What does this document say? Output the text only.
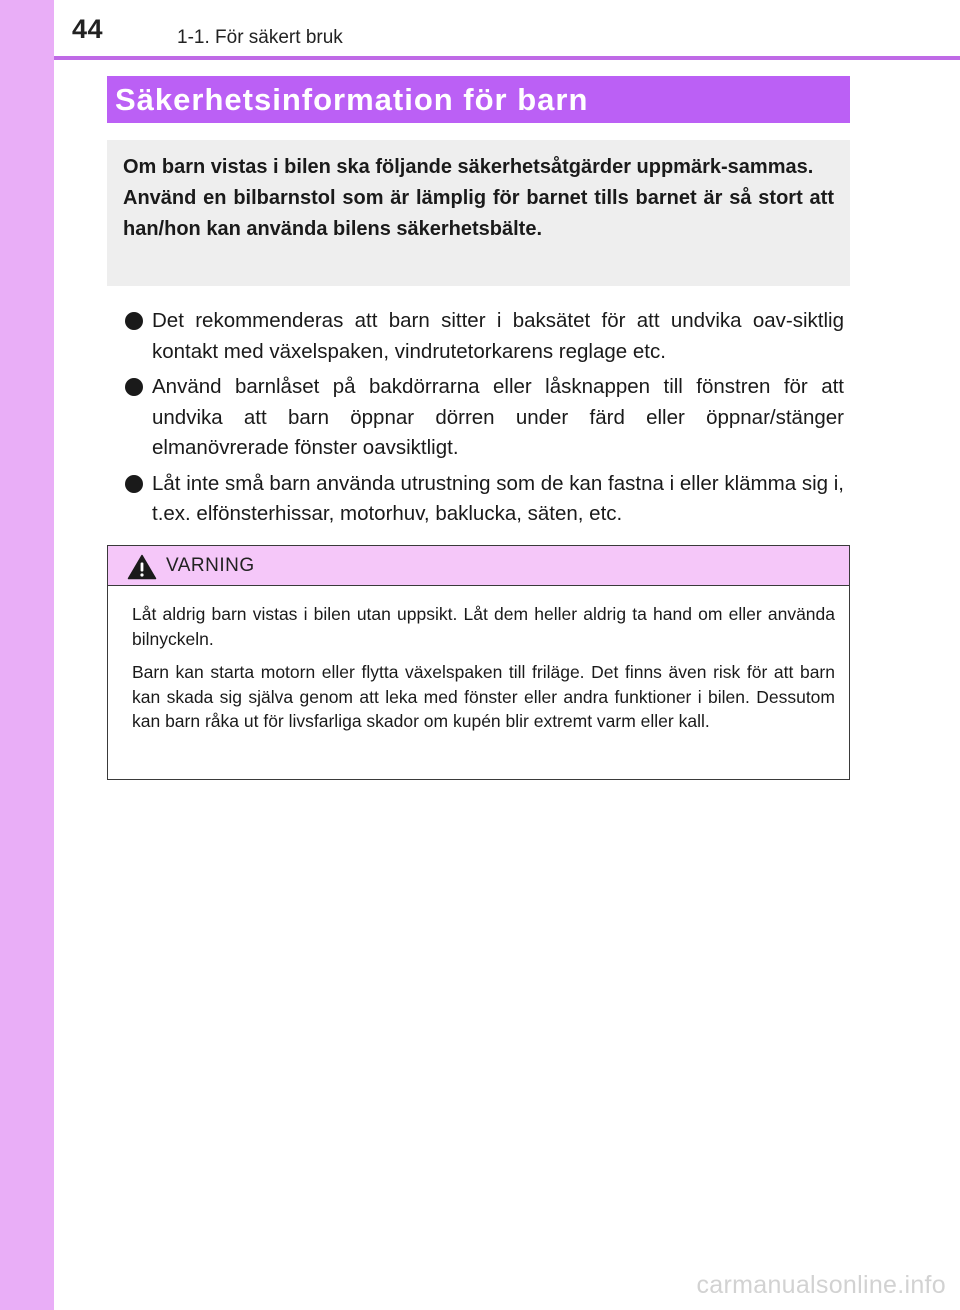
44	1-1. För säkert bruk
Säkerhetsinformation för barn

Om barn vistas i bilen ska följande säkerhetsåtgärder uppmärk-sammas.

Använd en bilbarnstol som är lämplig för barnet tills barnet är så stort att han/hon kan använda bilens säkerhetsbälte.

Det rekommenderas att barn sitter i baksätet för att undvika oav-siktlig kontakt med växelspaken, vindrutetorkarens reglage etc.
Använd barnlåset på bakdörrarna eller låsknappen till fönstren för att undvika att barn öppnar dörren under färd eller öppnar/stänger elmanövrerade fönster oavsiktligt.
Låt inte små barn använda utrustning som de kan fastna i eller klämma sig i, t.ex. elfönsterhissar, motorhuv, baklucka, säten, etc.
VARNING

Låt aldrig barn vistas i bilen utan uppsikt. Låt dem heller aldrig ta hand om eller använda bilnyckeln.

Barn kan starta motorn eller flytta växelspaken till friläge. Det finns även risk för att barn kan skada sig själva genom att leka med fönster eller andra funktioner i bilen. Dessutom kan barn råka ut för livsfarliga skador om kupén blir extremt varm eller kall.

carmanualsonline.info
